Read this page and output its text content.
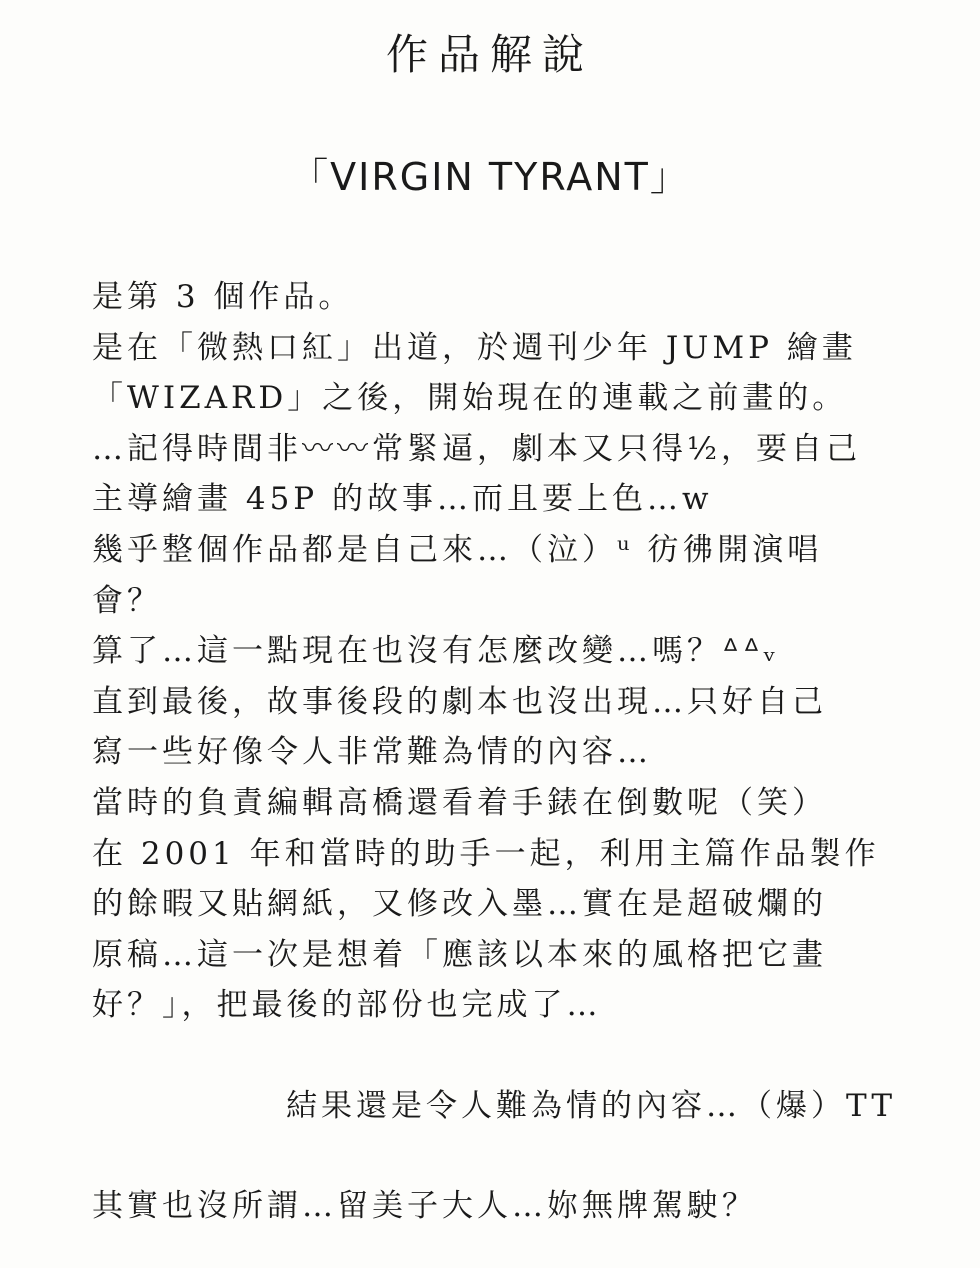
作品解說
「VIRGIN TYRANT」
是第 3 個作品。
是在「微熱口紅」出道，於週刊少年 JUMP 繪畫
「WIZARD」之後，開始現在的連載之前畫的。
…記得時間非〰〰常緊逼，劇本又只得½，要自己
主導繪畫 45P 的故事…而且要上色…w
幾乎整個作品都是自己來…（泣）ᵘ 彷彿開演唱
會？
算了…這一點現在也沒有怎麼改變…嗎？ᐞᐞᵥ
直到最後，故事後段的劇本也沒出現…只好自己
寫一些好像令人非常難為情的內容…
當時的負責編輯高橋還看着手錶在倒數呢（笑）
在 2001 年和當時的助手一起，利用主篇作品製作
的餘暇又貼網紙，又修改入墨…實在是超破爛的
原稿…這一次是想着「應該以本來的風格把它畫
好？」，把最後的部份也完成了…
結果還是令人難為情的內容…（爆）TT
其實也沒所謂…留美子大人…妳無牌駕駛？
